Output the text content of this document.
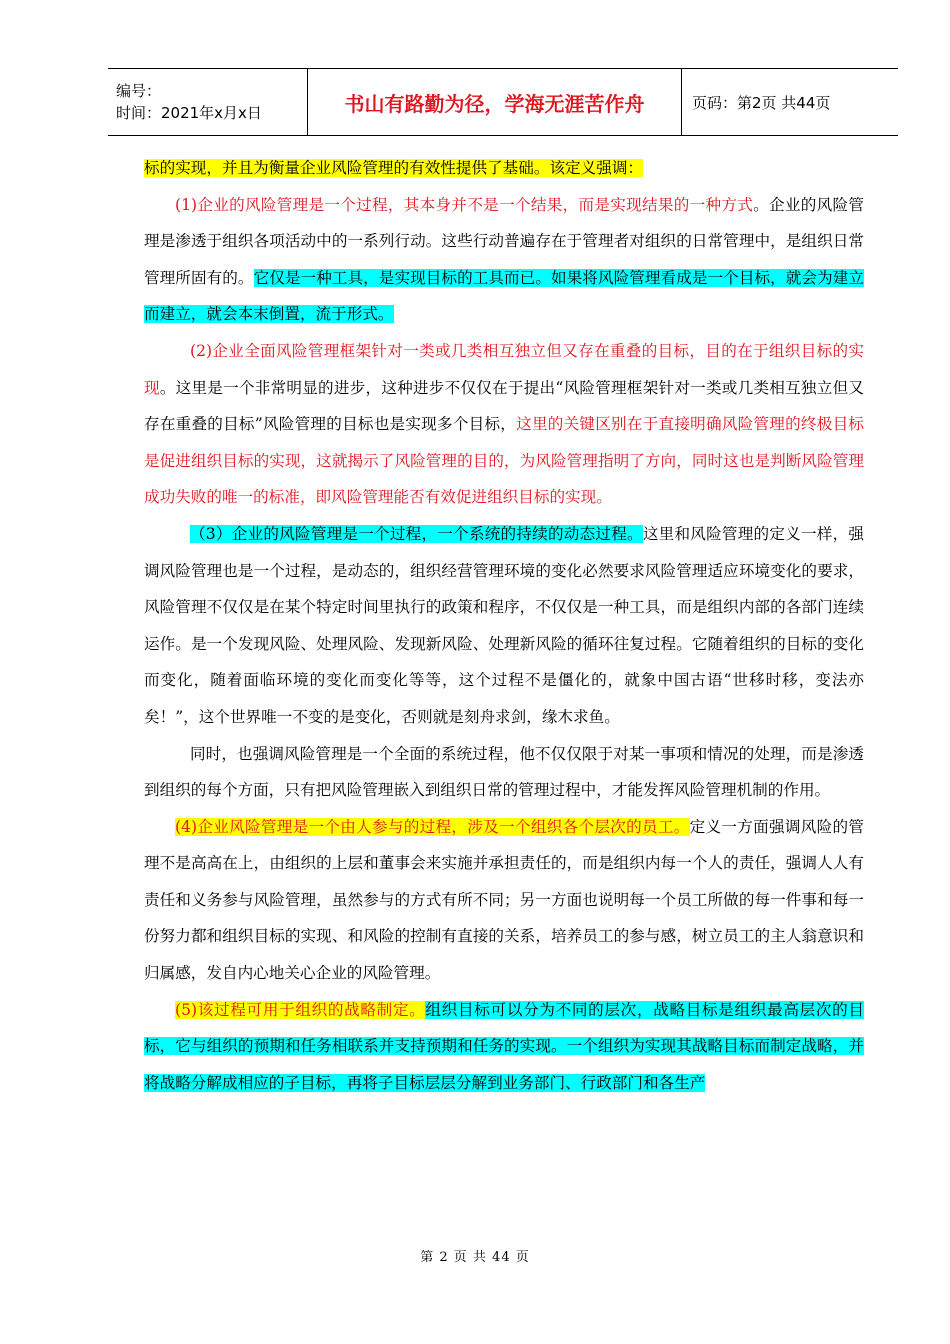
编号：
时间：2021年x月x日	书山有路勤为径，学海无涯苦作舟	页码：第2页 共44页

标的实现，并且为衡量企业风险管理的有效性提供了基础。该定义强调：

(1)企业的风险管理是一个过程，其本身并不是一个结果，而是实现结果的一种方式。企业的风险管理是渗透于组织各项活动中的一系列行动。这些行动普遍存在于管理者对组织的日常管理中，是组织日常管理所固有的。它仅是一种工具，是实现目标的工具而已。如果将风险管理看成是一个目标，就会为建立而建立，就会本末倒置，流于形式。

(2)企业全面风险管理框架针对一类或几类相互独立但又存在重叠的目标，目的在于组织目标的实现。这里是一个非常明显的进步，这种进步不仅仅在于提出“风险管理框架针对一类或几类相互独立但又存在重叠的目标”风险管理的目标也是实现多个目标，这里的关键区别在于直接明确风险管理的终极目标是促进组织目标的实现，这就揭示了风险管理的目的，为风险管理指明了方向，同时这也是判断风险管理成功失败的唯一的标准，即风险管理能否有效促进组织目标的实现。

（3）企业的风险管理是一个过程，一个系统的持续的动态过程。这里和风险管理的定义一样，强调风险管理也是一个过程，是动态的，组织经营管理环境的变化必然要求风险管理适应环境变化的要求，风险管理不仅仅是在某个特定时间里执行的政策和程序，不仅仅是一种工具，而是组织内部的各部门连续运作。是一个发现风险、处理风险、发现新风险、处理新风险的循环往复过程。它随着组织的目标的变化而变化，随着面临环境的变化而变化等等，这个过程不是僵化的，就象中国古语“世移时移，变法亦矣！”，这个世界唯一不变的是变化，否则就是刻舟求剑，缘木求鱼。

同时，也强调风险管理是一个全面的系统过程，他不仅仅限于对某一事项和情况的处理，而是渗透到组织的每个方面，只有把风险管理嵌入到组织日常的管理过程中，才能发挥风险管理机制的作用。

(4)企业风险管理是一个由人参与的过程，涉及一个组织各个层次的员工。定义一方面强调风险的管理不是高高在上，由组织的上层和董事会来实施并承担责任的，而是组织内每一个人的责任，强调人人有责任和义务参与风险管理，虽然参与的方式有所不同；另一方面也说明每一个员工所做的每一件事和每一份努力都和组织目标的实现、和风险的控制有直接的关系，培养员工的参与感，树立员工的主人翁意识和归属感，发自内心地关心企业的风险管理。

(5)该过程可用于组织的战略制定。组织目标可以分为不同的层次，战略目标是组织最高层次的目标，它与组织的预期和任务相联系并支持预期和任务的实现。一个组织为实现其战略目标而制定战略，并将战略分解成相应的子目标，再将子目标层层分解到业务部门、行政部门和各生产

第 2 页 共 44 页
